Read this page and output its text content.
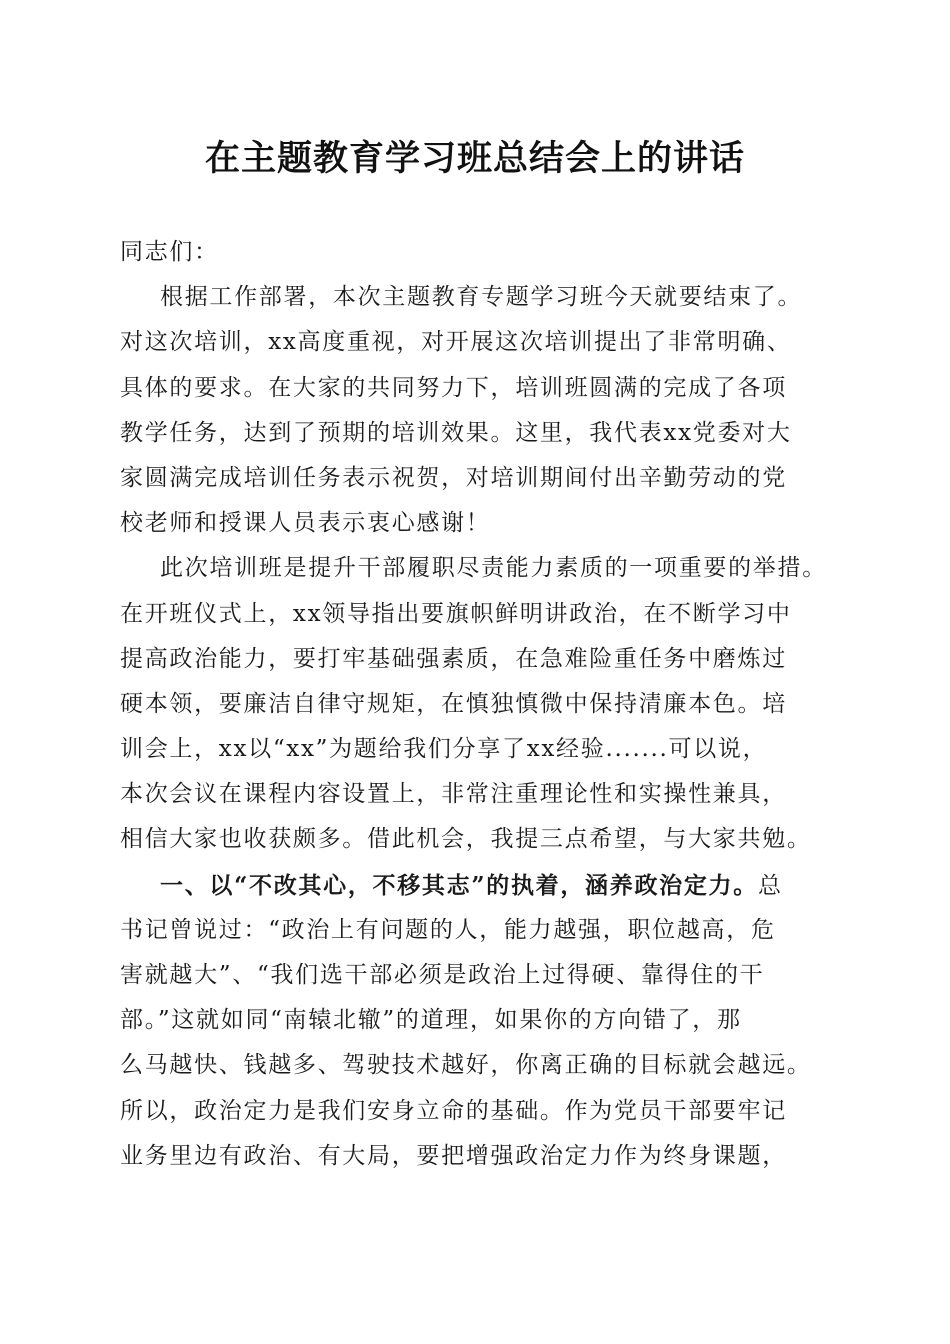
在主题教育学习班总结会上的讲话
同志们：
根据工作部署，本次主题教育专题学习班今天就要结束了。
对这次培训，xx高度重视，对开展这次培训提出了非常明确、
具体的要求。在大家的共同努力下，培训班圆满的完成了各项
教学任务，达到了预期的培训效果。这里，我代表xx党委对大
家圆满完成培训任务表示祝贺，对培训期间付出辛勤劳动的党
校老师和授课人员表示衷心感谢！
此次培训班是提升干部履职尽责能力素质的一项重要的举措。
在开班仪式上，xx领导指出要旗帜鲜明讲政治，在不断学习中
提高政治能力，要打牢基础强素质，在急难险重任务中磨炼过
硬本领，要廉洁自律守规矩，在慎独慎微中保持清廉本色。培
训会上，xx以“xx”为题给我们分享了xx经验.......可以说，
本次会议在课程内容设置上，非常注重理论性和实操性兼具，
相信大家也收获颇多。借此机会，我提三点希望，与大家共勉。
一、以“不改其心，不移其志”的执着，涵养政治定力。总
书记曾说过：“政治上有问题的人，能力越强，职位越高，危
害就越大”、“我们选干部必须是政治上过得硬、靠得住的干
部。”这就如同“南辕北辙”的道理，如果你的方向错了，那
么马越快、钱越多、驾驶技术越好，你离正确的目标就会越远。
所以，政治定力是我们安身立命的基础。作为党员干部要牢记
业务里边有政治、有大局，要把增强政治定力作为终身课题，
